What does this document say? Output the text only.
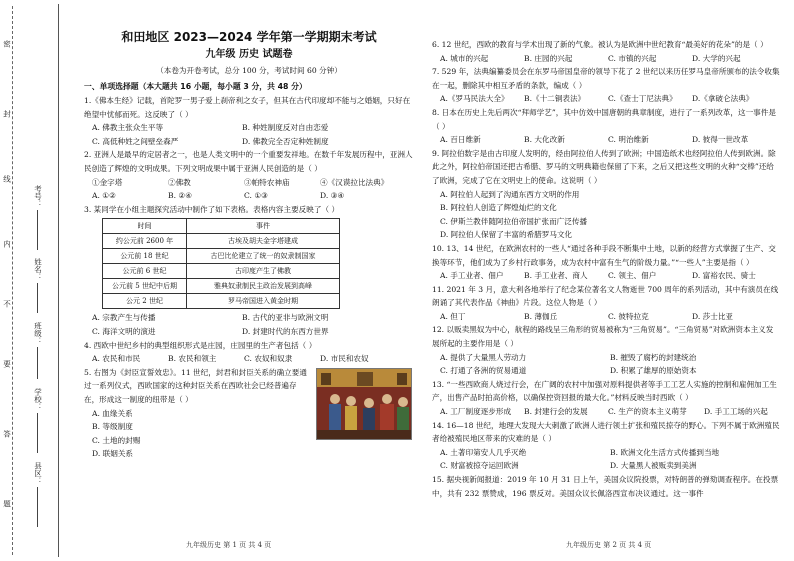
密
封
线
内
不
要
答
题
考号：
姓名：
班级：
学校：
县区：
和田地区 2023—2024 学年第一学期期末考试
九年级 历史 试题卷
（本卷为开卷考试，总分 100 分，考试时间 60 分钟）
一、单项选择题（本大题共 16 小题，每小题 3 分，共 48 分）
1.《佛本生经》记载，首陀罗一男子爱上刹帝利之女子，但其在古代印度却不能与之婚姻，只好在绝望中忧郁而死。这反映了（ ）
A. 佛教主张众生平等	B. 种姓制度反对自由恋爱
C. 高低种姓之间壁垒森严	D. 佛教完全否定种姓制度
2. 亚洲人是最早的定居者之一，也是人类文明中的一个重要发祥地。在数千年发展历程中，亚洲人民创造了辉煌的文明成果。下列文明成果中属于亚洲人民创造的是（ ）
①金字塔	②佛教	③帕特农神庙	④《汉谟拉比法典》
A. ①②	B. ②④	C. ①③	D. ③④
3. 某同学在小组主题探究活动中制作了如下表格。表格内容主要反映了（ ）
时间	事件
约公元前 2600 年	古埃及胡夫金字塔建成
公元前 18 世纪	古巴比伦建立了统一的奴隶制国家
公元前 6 世纪	古印度产生了佛教
公元前 5 世纪中后期	雅典奴隶制民主政治发展到高峰
公元 2 世纪	罗马帝国进入黄金时期
A. 宗教产生与传播	B. 古代的亚非与欧洲文明
C. 海洋文明的演进	D. 封建时代的东西方世界
4. 西欧中世纪乡村的典型组织形式是庄园，庄园里的生产者包括（ ）
A. 农民和市民	B. 农民和领主	C. 农奴和奴隶	D. 市民和农奴
5. 右图为《封臣宣誓效忠》。11 世纪，封君和封臣关系的确立要通过一系列仪式，西欧国家的这种封臣关系在西欧社会已经普遍存在，形成这一制度的纽带是（ ）
A. 血缘关系
B. 等级制度
C. 土地的封赐
D. 联姻关系
6. 12 世纪，西欧的教育与学术出现了新的气象。被认为是欧洲中世纪教育“最美好的花朵”的是（ ）
A. 城市的兴起	B. 庄园的兴起	C. 市镇的兴起	D. 大学的兴起
7. 529 年，法典编纂委员会在东罗马帝国皇帝的领导下花了 2 世纪以来历任罗马皇帝所颁布的法令收集在一起，删除其中相互矛盾的条款，编成（ ）
A.《罗马民法大全》 B.《十二铜表法》	C.《查士丁尼法典》 D.《拿破仑法典》
8. 日本在历史上先后两次“拜师学艺”，其中仿效中国唐朝的典章制度，进行了一系列改革，这一事件是（ ）
A. 百日维新	B. 大化改新	C. 明治维新	D. 彼得一世改革
9. 阿拉伯数字是由古印度人发明的，经由阿拉伯人传到了欧洲；中国造纸术也经阿拉伯人传到欧洲。除此之外，阿拉伯帝国还把古希腊、罗马的文明典籍也保留了下来，之后又把这些文明的火种“交棒”还给了欧洲，完成了它在文明史上的使命。这说明（ ）
A. 阿拉伯人起到了沟通东西方文明的作用
B. 阿拉伯人创造了辉煌灿烂的文化
C. 伊斯兰教伴随阿拉伯帝国扩张而广泛传播
D. 阿拉伯人保留了丰富的希腊罗马文化
10. 13、14 世纪，在欧洲农村的一些人“通过各种手段不断集中土地，以新的经营方式掌握了生产、交换等环节，他们成为了乡村行政事务，成为农村中富有生气的阶级力量。”“一些人”主要是指（ ）
A. 手工业者、佃户	B. 手工业者、商人	C. 领主、佃户	D. 富裕农民、骑士
11. 2021 年 3 月，意大利各地举行了纪念某位著名文人物逝世 700 周年的系列活动，其中有演员在线朗诵了其代表作品《神曲》片段。这位人物是（ ）
A. 但丁	B. 薄伽丘	C. 彼特拉克	D. 莎士比亚
12. 以贩卖黑奴为中心，航程的路线呈三角形的贸易被称为“三角贸易”。“三角贸易”对欧洲资本主义发展所起的主要作用是（ ）
A. 提供了大量黑人劳动力	B. 摧毁了腐朽的封建统治
C. 打通了各洲的贸易通道	D. 积累了雄厚的原始资本
13. “一些西欧商人烧过行会，在广阔的农村中加强对原料提供者等手工工艺人实施的控制和雇佣加工生产，出售产品时拍高价格，以确保控资回报的最大化。”材料反映当时西欧（ ）
A. 工厂制度逐步形成 B. 封建行会的发展	C. 生产的资本主义萌芽 D. 手工工场的兴起
14. 16—18 世纪，地理大发现大大刺激了欧洲人进行领土扩张和殖民掠夺的野心。下列不属于欧洲殖民者给被殖民地区带来的灾难的是（ ）
A. 土著印第安人几乎灭绝	B. 欧洲文化生活方式传播到当地
C. 财富被掠夺运回欧洲	D. 大量黑人被贩卖到美洲
15. 据央视新闻报道：2019 年 10 月 31 日上午，美国众议院投票，对特朗普的弹劾调查程序。在投票中，共有 232 票赞成，196 票反对。美国众议长佩洛西宣布决议通过。这一事件
九年级历史 第 1 页 共 4 页	九年级历史 第 2 页 共 4 页
